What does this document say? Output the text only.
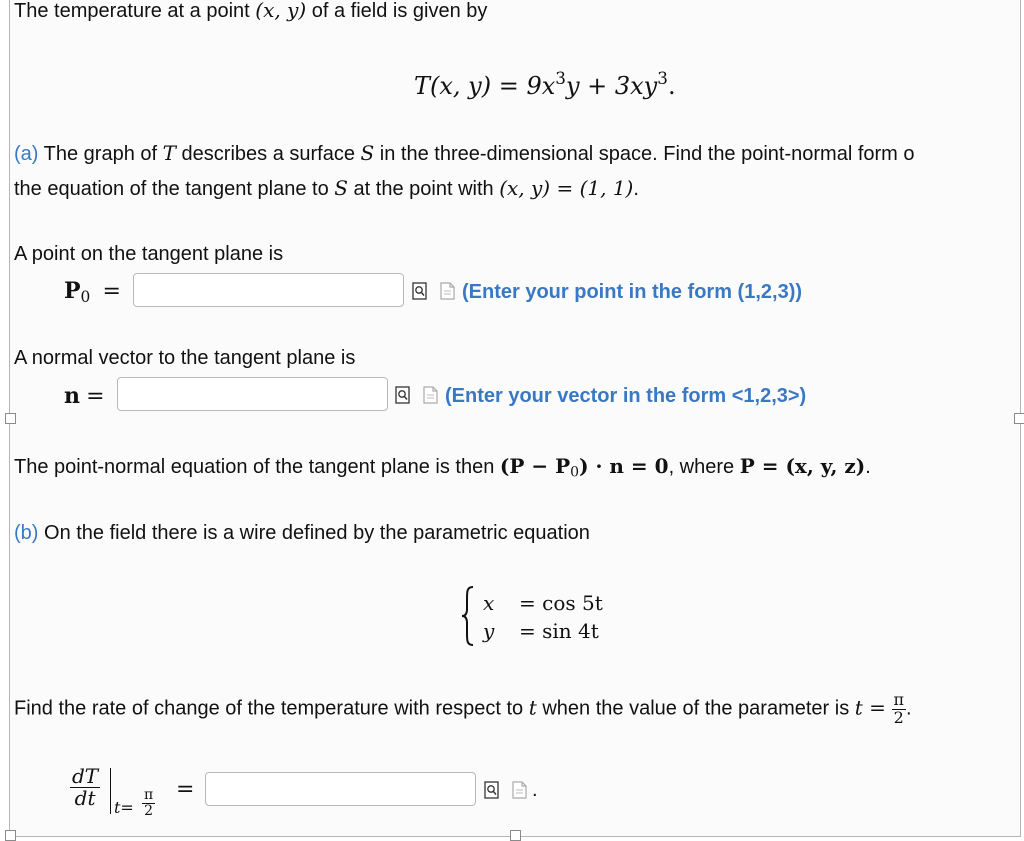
The temperature at a point (x, y) of a field is given by
T(x, $y) = 9x^3y + 3xy^3$.
(a) The graph of T describes a surface S in the three-dimensional space. Find the point-normal form o
the equation of the tangent plane to S at the point with (x, y) = (1, 1).
A point on the tangent plane is
$P_0$ =	(Enter your point in the form (1,2,3))
A normal vector to the tangent plane is
n =	(Enter your vector in the form <1,2,3>)
The point-normal equation of the tangent plane is then $(P - P_0) \cdot n = 0$, where P = (x, y, z).
(b) On the field there is a wire defined by the parametric equation
x = cos 5t
y = sin 4t
Find the rate of change of the temperature with respect to t when the value of the parameter is $t = \frac{\pi}{2}$ .
$\frac{dT}{dt} t= \frac{\pi}{2}$ =	.
